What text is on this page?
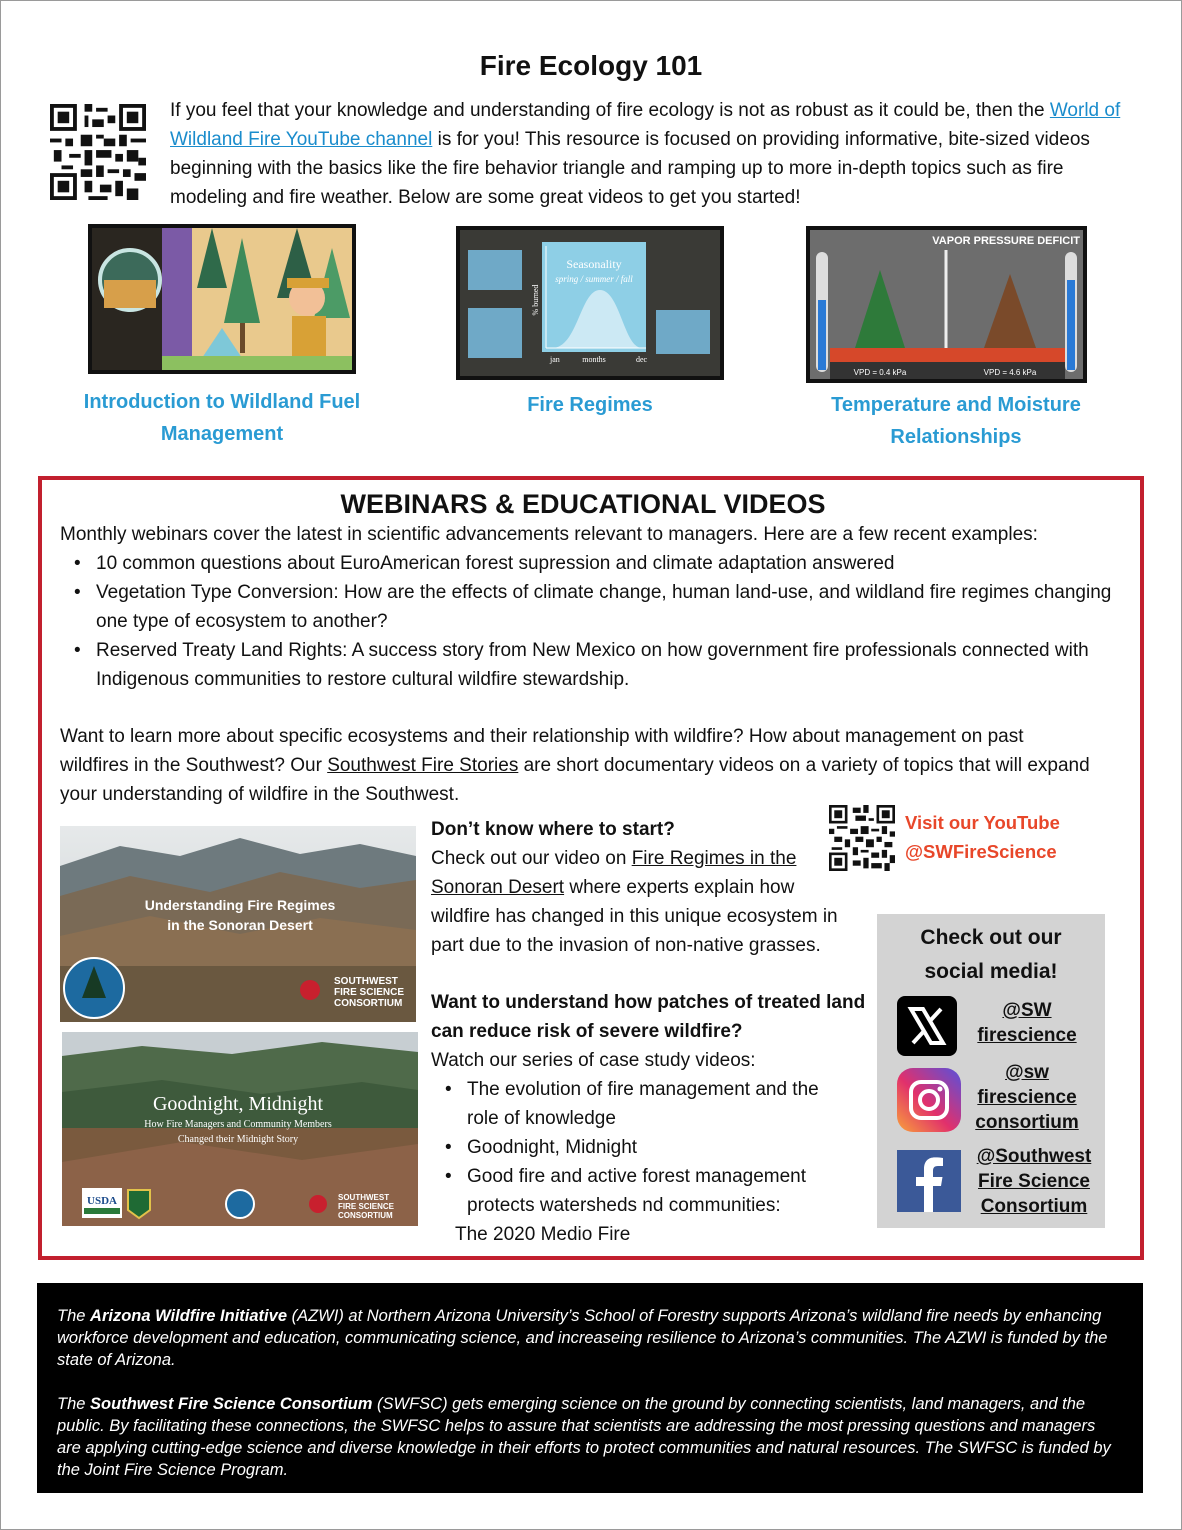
Fire Ecology 101
If you feel that your knowledge and understanding of fire ecology is not as robust as it could be, then the World of Wildland Fire YouTube channel is for you! This resource is focused on providing informative, bite-sized videos beginning with the basics like the fire behavior triangle and ramping up to more in-depth topics such as fire modeling and fire weather. Below are some great videos to get you started!
Seasonality
spring / summer / fall
% burned
jan	months	dec
VAPOR PRESSURE DEFICIT
VPD = 0.4 kPa	VPD = 4.6 kPa
Introduction to Wildland Fuel Management
Fire Regimes	Temperature and Moisture Relationships
WEBINARS & EDUCATIONAL VIDEOS
Monthly webinars cover the latest in scientific advancements relevant to managers. Here are a few recent examples:
• 10 common questions about EuroAmerican forest supression and climate adaptation answered
• Vegetation Type Conversion: How are the effects of climate change, human land-use, and wildland fire regimes changing one type of ecosystem to another?
• Reserved Treaty Land Rights: A success story from New Mexico on how government fire professionals connected with Indigenous communities to restore cultural wildfire stewardship.
Want to learn more about specific ecosystems and their relationship with wildfire? How about management on past wildfires in the Southwest? Our Southwest Fire Stories are short documentary videos on a variety of topics that will expand your understanding of wildfire in the Southwest.
Understanding Fire Regimes
in the Sonoran Desert
SOUTHWEST
FIRE SCIENCE
CONSORTIUM
Goodnight, Midnight
How Fire Managers and Community Members
Changed their Midnight Story
USDA	SOUTHWEST
FIRE SCIENCE
CONSORTIUM
Don’t know where to start?
Check out our video on Fire Regimes in the Sonoran Desert where experts explain how wildfire has changed in this unique ecosystem in part due to the invasion of non-native grasses.
Want to understand how patches of treated land can reduce risk of severe wildfire?
Watch our series of case study videos:
• The evolution of fire management and the role of knowledge
• Goodnight, Midnight
• Good fire and active forest management protects watersheds nd communities:
The 2020 Medio Fire
Visit our YouTube
@SWFireScience
Check out our
social media!
@SW
firescience
@sw
firescience
consortium
@Southwest
Fire Science
Consortium

The Arizona Wildfire Initiative (AZWI) at Northern Arizona University’s School of Forestry supports Arizona’s wildland fire needs by enhancing workforce development and education, communicating science, and increaseing resilience to Arizona’s communities. The AZWI is funded by the state of Arizona.

The Southwest Fire Science Consortium (SWFSC) gets emerging science on the ground by connecting scientists, land managers, and the public. By facilitating these connections, the SWFSC helps to assure that scientists are addressing the most pressing questions and managers are applying cutting-edge science and diverse knowledge in their efforts to protect communities and natural resources. The SWFSC is funded by the Joint Fire Science Program.
